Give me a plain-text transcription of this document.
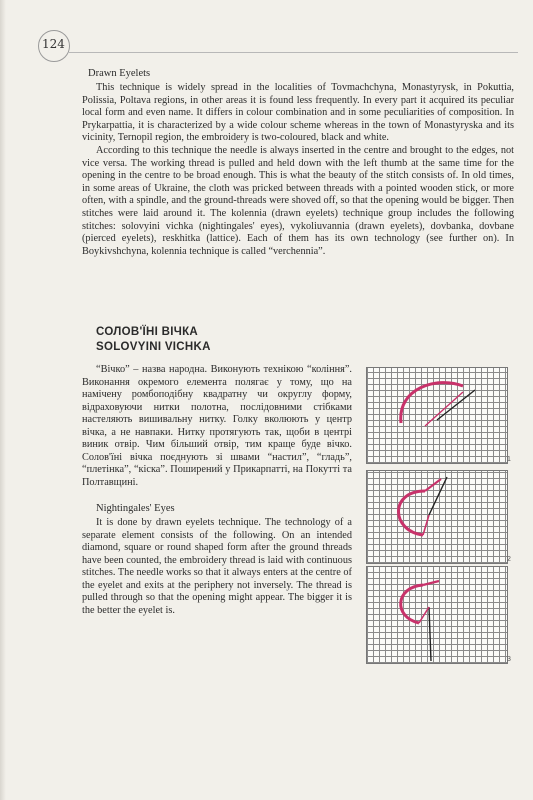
124
Drawn Eyelets

This technique is widely spread in the localities of Tovmachchyna, Monastyrysk, in Pokuttia, Polissia, Poltava regions, in other areas it is found less frequently. In every part it acquired its peculiar local form and even name. It differs in colour combination and in some peculiarities of composition. In Prykarpattia, it is characterized by a wide colour scheme whereas in the town of Monastyryska and its vicinity, Ternopil region, the embroidery is two-coloured, black and white.

According to this technique the needle is always inserted in the centre and brought to the edges, not vice versa. The working thread is pulled and held down with the left thumb at the same time for the opening in the centre to be broad enough. This is what the beauty of the stitch consists of. In old times, in some areas of Ukraine, the cloth was pricked between threads with a pointed wooden stick, or more often, with a spindle, and the ground-threads were shoved off, so that the opening would be bigger. Then stitches were laid around it. The kolennia (drawn eyelets) technique group includes the following stitches: solovyini vichka (nightingales' eyes), vykoliuvannia (drawn eyelets), dovbanka, dovbane (pierced eyelets), reskhitka (lattice). Each of them has its own technology (see further on). In Boykivshchyna, kolennia technique is called “verchennia”.

СОЛОВ'ЇНІ ВІЧКА
SOLOVYINI VICHKA

“Вічко” – назва народна. Виконують технікою “коління”. Виконання окремого елемента полягає у тому, що на намічену ромбоподібну квадратну чи округлу форму, відраховуючи нитки полотна, послідовними стібками настеляють вишивальну нитку. Голку вколюють у центр вічка, а не навпаки. Нитку протягують так, щоби в центрі виник отвір. Чим більший отвір, тим краще буде вічко. Солов'їні вічка поєднують зі швами “настил”, “гладь”, “плетінка”, “кіска”. Поширений у Прикарпатті, на Покутті та Полтавщині.

Nightingales' Eyes

It is done by drawn eyelets technique. The technology of a separate element consists of the following. On an intended diamond, square or round shaped form after the ground threads have been counted, the embroidery thread is laid with continuous stitches. The needle works so that it always enters at the centre of the eyelet and exits at the periphery not inversely. The thread is pulled through so that the opening might appear. The bigger it is the better the eyelet is.

1
2
3
